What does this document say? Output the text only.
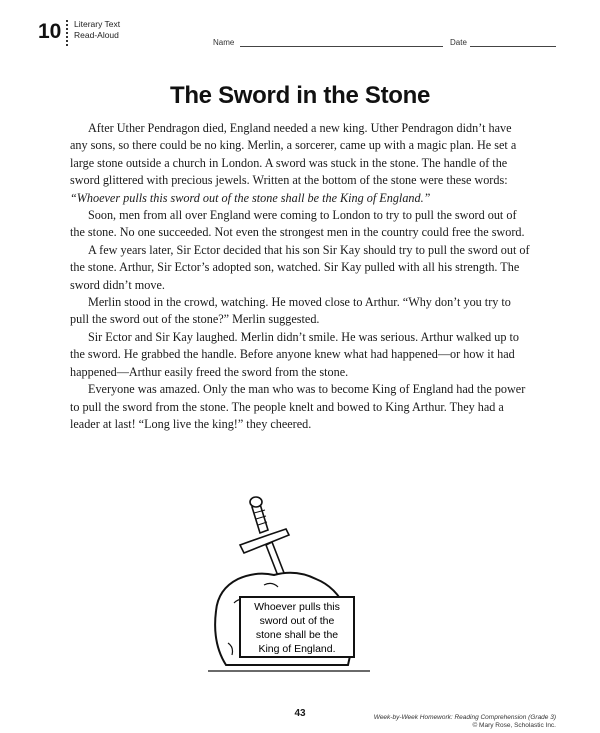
10 Literary Text
Read-Aloud
Name	Date
The Sword in the Stone

After Uther Pendragon died, England needed a new king. Uther Pendragon didn’t have any sons, so there could be no king. Merlin, a sorcerer, came up with a magic plan. He set a large stone outside a church in London. A sword was stuck in the stone. The handle of the sword glittered with precious jewels. Written at the bottom of the stone were these words: “Whoever pulls this sword out of the stone shall be the King of England.”

Soon, men from all over England were coming to London to try to pull the sword out of the stone. No one succeeded. Not even the strongest men in the country could free the sword.

A few years later, Sir Ector decided that his son Sir Kay should try to pull the sword out of the stone. Arthur, Sir Ector’s adopted son, watched. Sir Kay pulled with all his strength. The sword didn’t move.

Merlin stood in the crowd, watching. He moved close to Arthur. “Why don’t you try to pull the sword out of the stone?” Merlin suggested.

Sir Ector and Sir Kay laughed. Merlin didn’t smile. He was serious. Arthur walked up to the sword. He grabbed the handle. Before anyone knew what had happened—or how it had happened—Arthur easily freed the sword from the stone.

Everyone was amazed. Only the man who was to become King of England had the power to pull the sword from the stone. The people knelt and bowed to King Arthur. They had a leader at last! “Long live the king!” they cheered.

Whoever pulls this
sword out of the
stone shall be the
King of England.
43	Week-by-Week Homework: Reading Comprehension (Grade 3)
© Mary Rose, Scholastic Inc.
